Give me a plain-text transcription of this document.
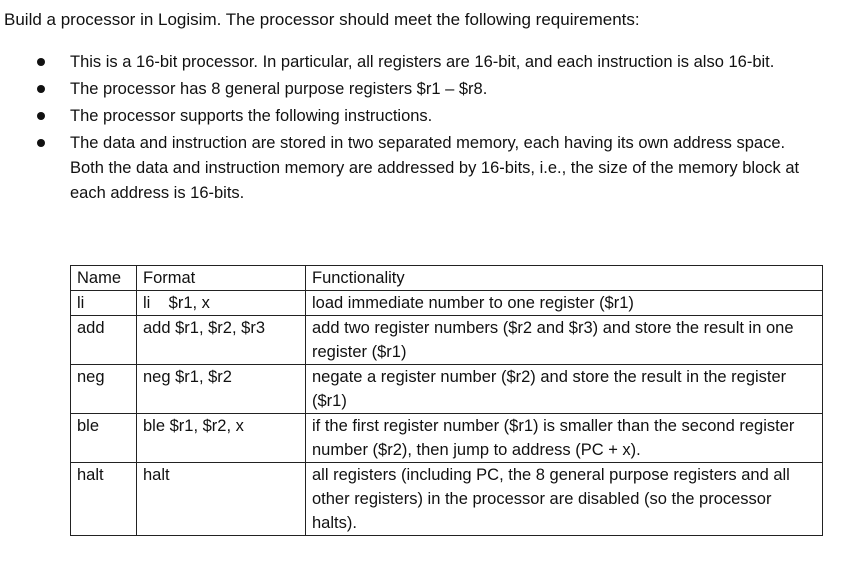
Build a processor in Logisim. The processor should meet the following requirements:
This is a 16-bit processor. In particular, all registers are 16-bit, and each instruction is also 16-bit.
The processor has 8 general purpose registers $r1 – $r8.
The processor supports the following instructions.
The data and instruction are stored in two separated memory, each having its own address space. Both the data and instruction memory are addressed by 16-bits, i.e., the size of the memory block at each address is 16-bits.
Name	Format	Functionality
li	li    $r1, x	load immediate number to one register ($r1)
add	add $r1, $r2, $r3	add two register numbers ($r2 and $r3) and store the result in one register ($r1)
neg	neg $r1, $r2	negate a register number ($r2) and store the result in the register ($r1)
ble	ble $r1, $r2, x	if the first register number ($r1) is smaller than the second register number ($r2), then jump to address (PC + x).
halt	halt	all registers (including PC, the 8 general purpose registers and all other registers) in the processor are disabled (so the processor halts).
